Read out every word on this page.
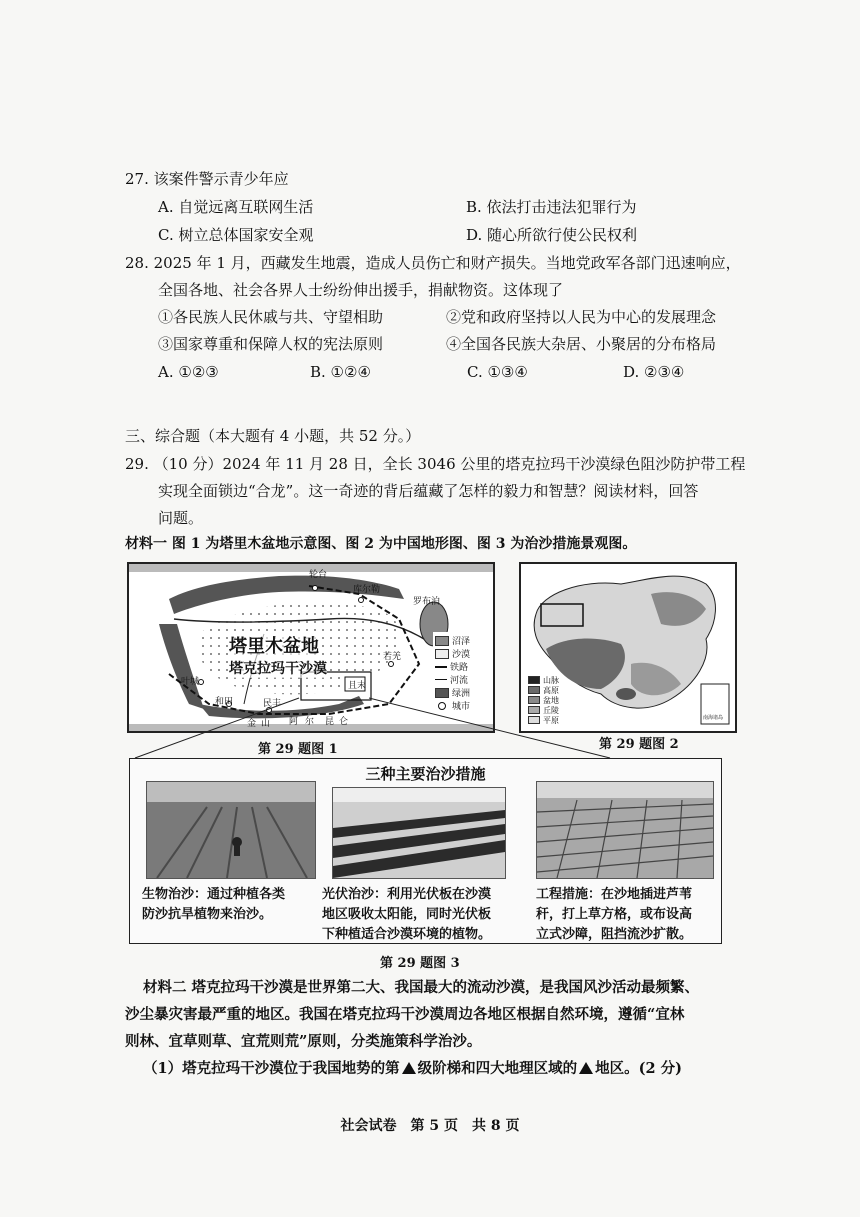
27. 该案件警示青少年应
A. 自觉远离互联网生活	B. 依法打击违法犯罪行为
C. 树立总体国家安全观	D. 随心所欲行使公民权利
28. 2025 年 1 月，西藏发生地震，造成人员伤亡和财产损失。当地党政军各部门迅速响应，
全国各地、社会各界人士纷纷伸出援手，捐献物资。这体现了
①各民族人民休戚与共、守望相助	②党和政府坚持以人民为中心的发展理念
③国家尊重和保障人权的宪法原则	④全国各民族大杂居、小聚居的分布格局
A. ①②③	B. ①②④	C. ①③④	D. ②③④
三、综合题（本大题有 4 小题，共 52 分。）
29. （10 分）2024 年 11 月 28 日，全长 3046 公里的塔克拉玛干沙漠绿色阻沙防护带工程
实现全面锁边“合龙”。这一奇迹的背后蕴藏了怎样的毅力和智慧？阅读材料，回答
问题。
材料一 图 1 为塔里木盆地示意图、图 2 为中国地形图、图 3 为治沙措施景观图。
塔里木盆地
塔克拉玛干沙漠
轮台
库尔勒
罗布泊
若羌
且末
叶城
和田	民丰
阿 尔
金 山	昆 仑
沼泽
沙漠
铁路
河流
绿洲
城市
第 29 题图 1
山脉
高原
盆地
丘陵
平原	南海诸岛
第 29 题图 2
三种主要治沙措施
生物治沙：通过种植各类
防沙抗旱植物来治沙。
光伏治沙：利用光伏板在沙漠
地区吸收太阳能，同时光伏板
下种植适合沙漠环境的植物。
工程措施：在沙地插进芦苇
秆，打上草方格，或布设高
立式沙障，阻挡流沙扩散。
第 29 题图 3
材料二 塔克拉玛干沙漠是世界第二大、我国最大的流动沙漠，是我国风沙活动最频繁、
沙尘暴灾害最严重的地区。我国在塔克拉玛干沙漠周边各地区根据自然环境，遵循“宜林
则林、宜草则草、宜荒则荒”原则，分类施策科学治沙。
（1）塔克拉玛干沙漠位于我国地势的第 级阶梯和四大地理区域的 地区。(2 分)
社会试卷　第 5 页　共 8 页
